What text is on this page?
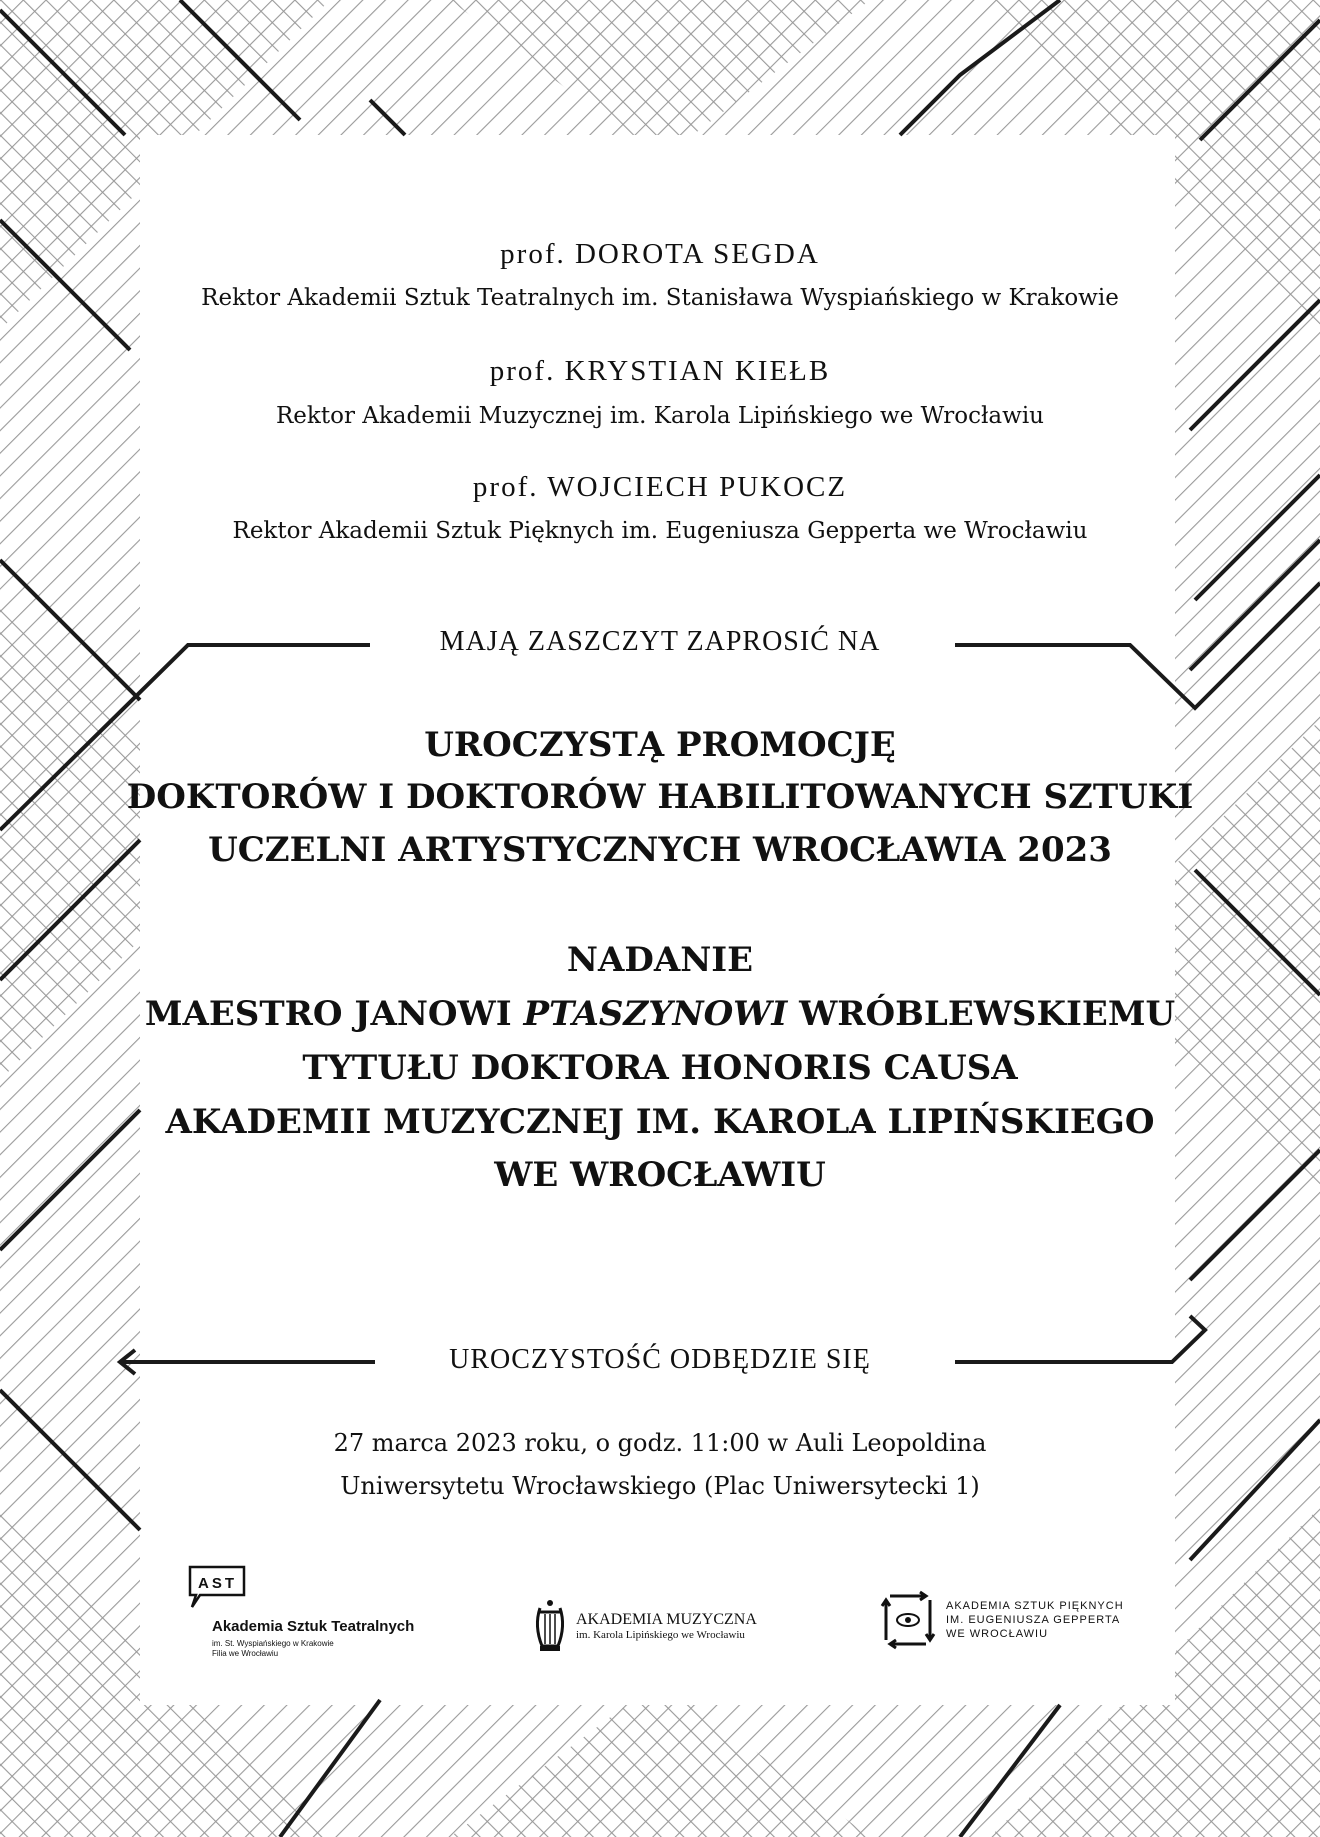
prof. DOROTA SEGDA
Rektor Akademii Sztuk Teatralnych im. Stanisława Wyspiańskiego w Krakowie
prof. KRYSTIAN KIEŁB
Rektor Akademii Muzycznej im. Karola Lipińskiego we Wrocławiu
prof. WOJCIECH PUKOCZ
Rektor Akademii Sztuk Pięknych im. Eugeniusza Gepperta we Wrocławiu
MAJĄ ZASZCZYT ZAPROSIĆ NA
UROCZYSTĄ PROMOCJĘ
DOKTORÓW I DOKTORÓW HABILITOWANYCH SZTUKI
UCZELNI ARTYSTYCZNYCH WROCŁAWIA 2023
NADANIE
MAESTRO JANOWI PTASZYNOWI WRÓBLEWSKIEMU
TYTUŁU DOKTORA HONORIS CAUSA
AKADEMII MUZYCZNEJ IM. KAROLA LIPIŃSKIEGO
WE WROCŁAWIU
UROCZYSTOŚĆ ODBĘDZIE SIĘ
27 marca 2023 roku, o godz. 11:00 w Auli Leopoldina
Uniwersytetu Wrocławskiego (Plac Uniwersytecki 1)
AST
Akademia Sztuk Teatralnych
im. St. Wyspiańskiego w Krakowie
Filia we Wrocławiu
AKADEMIA MUZYCZNA
im. Karola Lipińskiego we Wrocławiu
AKADEMIA SZTUK PIĘKNYCH
IM. EUGENIUSZA GEPPERTA
WE WROCŁAWIU
